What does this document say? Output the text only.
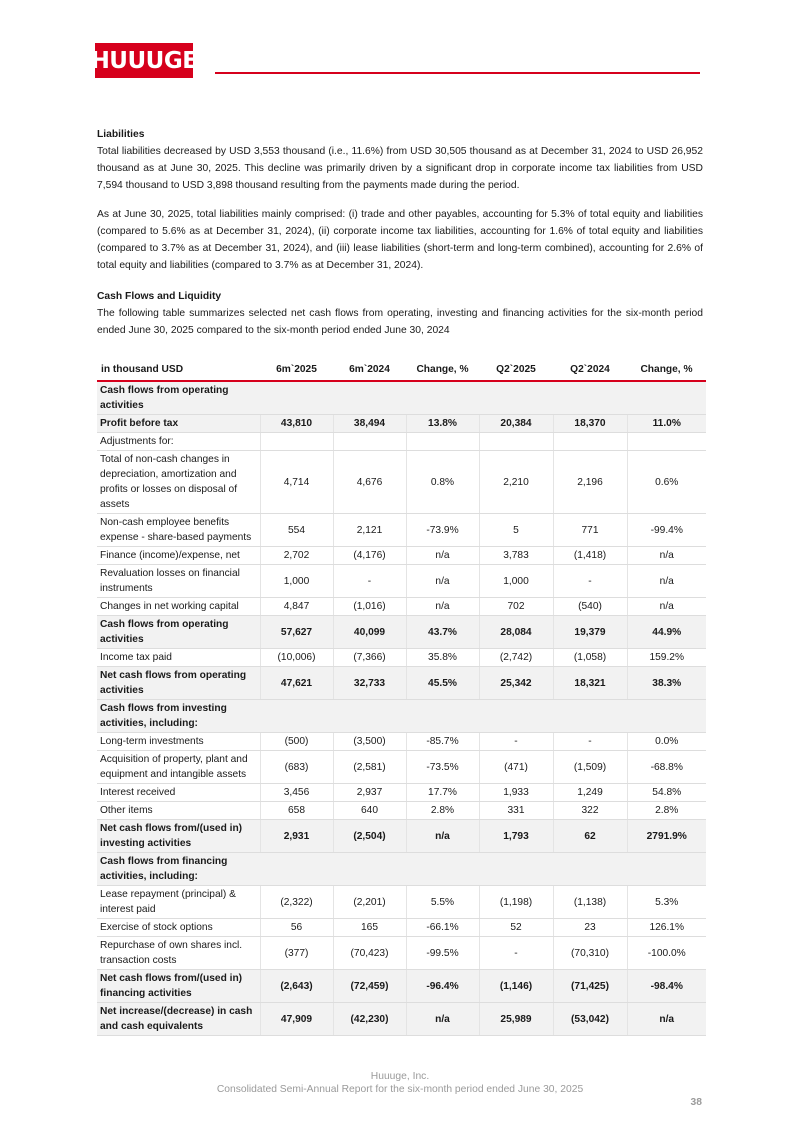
HUUUGE
Liabilities

Total liabilities decreased by USD 3,553 thousand (i.e., 11.6%) from USD 30,505 thousand as at December 31, 2024 to USD 26,952 thousand as at June 30, 2025. This decline was primarily driven by a significant drop in corporate income tax liabilities from USD 7,594 thousand to USD 3,898 thousand resulting from the payments made during the period.

As at June 30, 2025, total liabilities mainly comprised: (i) trade and other payables, accounting for 5.3% of total equity and liabilities (compared to 5.6% as at December 31, 2024), (ii) corporate income tax liabilities, accounting for 1.6% of total equity and liabilities (compared to 3.7% as at December 31, 2024), and (iii) lease liabilities (short-term and long-term combined), accounting for 2.6% of total equity and liabilities (compared to 3.7% as at December 31, 2024).

Cash Flows and Liquidity

The following table summarizes selected net cash flows from operating, investing and financing activities for the six-month period ended June 30, 2025 compared to the six-month period ended June 30, 2024

in thousand USD	6m`2025	6m`2024	Change, %	Q2`2025	Q2`2024	Change, %
Cash flows from operating activities						
Profit before tax	43,810	38,494	13.8%	20,384	18,370	11.0%
Adjustments for:						
Total of non-cash changes in depreciation, amortization and profits or losses on disposal of assets	4,714	4,676	0.8%	2,210	2,196	0.6%
Non-cash employee benefits expense - share-based payments	554	2,121	-73.9%	5	771	-99.4%
Finance (income)/expense, net	2,702	(4,176)	n/a	3,783	(1,418)	n/a
Revaluation losses on financial instruments	1,000	-	n/a	1,000	-	n/a
Changes in net working capital	4,847	(1,016)	n/a	702	(540)	n/a
Cash flows from operating activities	57,627	40,099	43.7%	28,084	19,379	44.9%
Income tax paid	(10,006)	(7,366)	35.8%	(2,742)	(1,058)	159.2%
Net cash flows from operating activities	47,621	32,733	45.5%	25,342	18,321	38.3%
Cash flows from investing activities, including:						
Long-term investments	(500)	(3,500)	-85.7%	-	-	0.0%
Acquisition of property, plant and equipment and intangible assets	(683)	(2,581)	-73.5%	(471)	(1,509)	-68.8%
Interest received	3,456	2,937	17.7%	1,933	1,249	54.8%
Other items	658	640	2.8%	331	322	2.8%
Net cash flows from/(used in) investing activities	2,931	(2,504)	n/a	1,793	62	2791.9%
Cash flows from financing activities, including:						
Lease repayment (principal) & interest paid	(2,322)	(2,201)	5.5%	(1,198)	(1,138)	5.3%
Exercise of stock options	56	165	-66.1%	52	23	126.1%
Repurchase of own shares incl. transaction costs	(377)	(70,423)	-99.5%	-	(70,310)	-100.0%
Net cash flows from/(used in) financing activities	(2,643)	(72,459)	-96.4%	(1,146)	(71,425)	-98.4%
Net increase/(decrease) in cash and cash equivalents	47,909	(42,230)	n/a	25,989	(53,042)	n/a
Huuuge, Inc.
Consolidated Semi-Annual Report for the six-month period ended June 30, 2025
38
